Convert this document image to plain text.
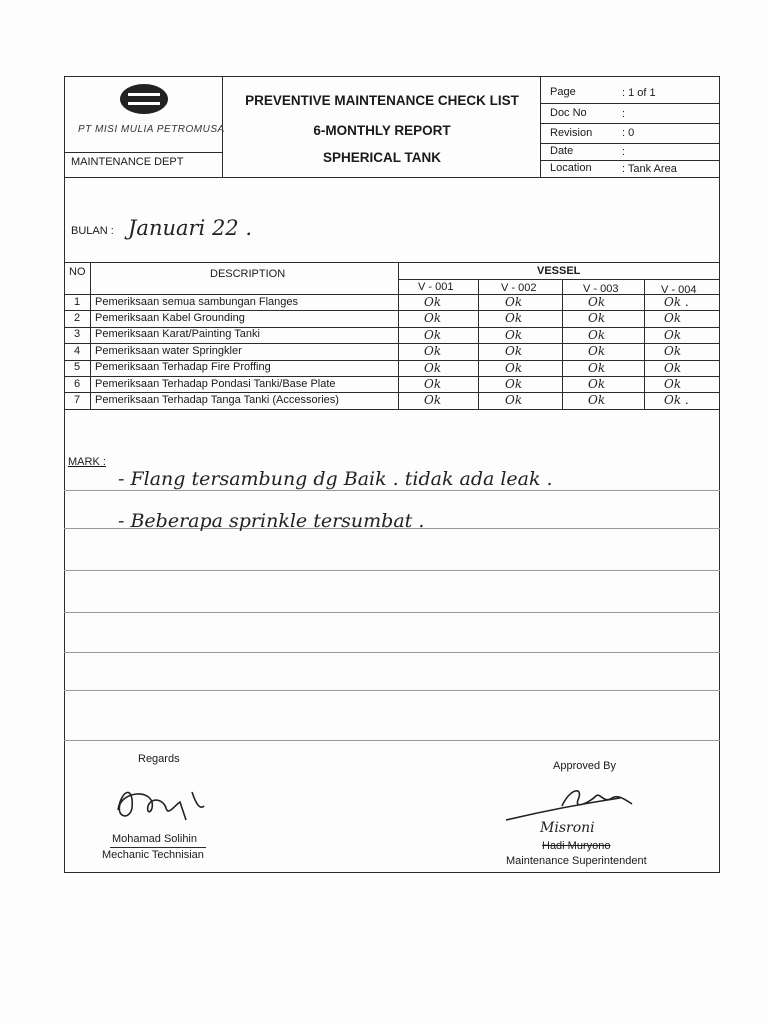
PT MISI MULIA PETROMUSA
MAINTENANCE DEPT
PREVENTIVE MAINTENANCE CHECK LIST
6-MONTHLY REPORT
SPHERICAL TANK
Page	: 1 of 1
Doc No	:
Revision	: 0
Date	:
Location	: Tank Area
BULAN : Januari 22 .
NO	DESCRIPTION	VESSEL
V - 001	V - 002	V - 003	V - 004
1 Pemeriksaan semua sambungan Flanges	Ok	Ok	Ok	Ok .
2 Pemeriksaan Kabel Grounding	Ok	Ok	Ok	Ok
3 Pemeriksaan Karat/Painting Tanki	Ok	Ok	Ok	Ok
4 Pemeriksaan water Springkler	Ok	Ok	Ok	Ok
5 Pemeriksaan Terhadap Fire Proffing	Ok	Ok	Ok	Ok
6 Pemeriksaan Terhadap Pondasi Tanki/Base Plate	Ok	Ok	Ok	Ok
7 Pemeriksaan Terhadap Tanga Tanki (Accessories)	Ok	Ok	Ok	Ok .
MARK :
- Flang tersambung dg Baik . tidak ada leak .
- Beberapa sprinkle tersumbat .
Regards
Mohamad Solihin
Mechanic Technisian
Approved By
Misroni
Hadi Muryono
Maintenance Superintendent
